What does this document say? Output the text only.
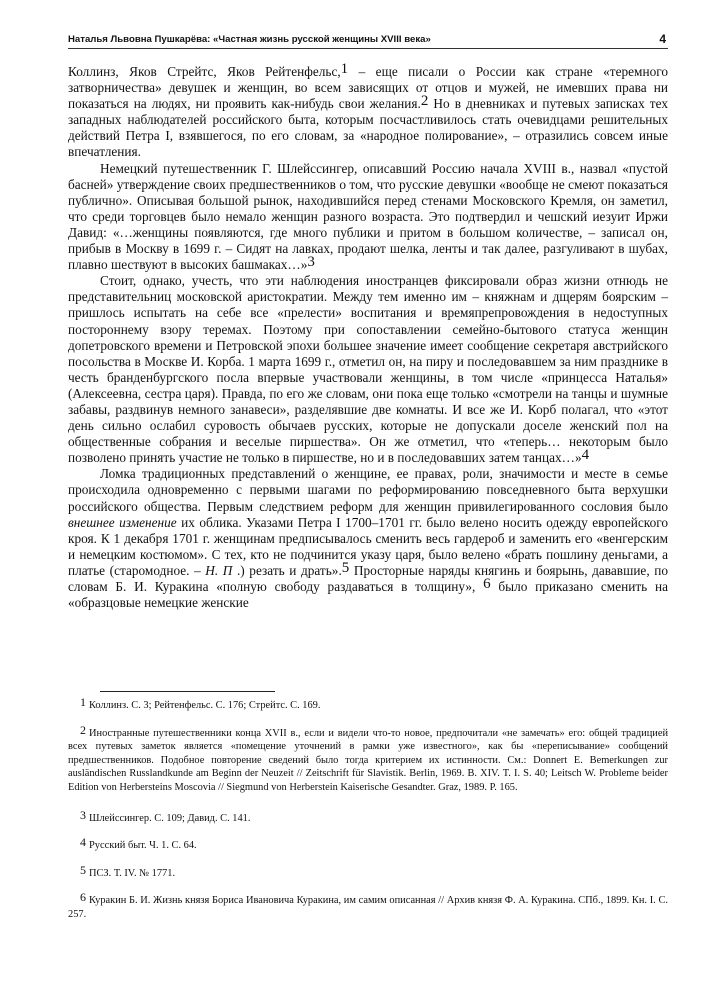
Наталья Львовна Пушкарёва: «Частная жизнь русской женщины XVIII века»	4

Коллинз, Яков Стрейтс, Яков Рейтенфельс,1 – еще писали о России как стране «теремного затворничества» девушек и женщин, во всем зависящих от отцов и мужей, не имевших права ни показаться на людях, ни проявить как-нибудь свои желания.2 Но в дневниках и путевых записках тех западных наблюдателей российского быта, которым посчастливилось стать очевидцами решительных действий Петра I, взявшегося, по его словам, за «народное полирование», – отразились совсем иные впечатления.

Немецкий путешественник Г. Шлейссингер, описавший Россию начала XVIII в., назвал «пустой басней» утверждение своих предшественников о том, что русские девушки «вообще не смеют показаться публично». Описывая большой рынок, находившийся перед стенами Московского Кремля, он заметил, что среди торговцев было немало женщин разного возраста. Это подтвердил и чешский иезуит Иржи Давид: «…женщины появляются, где много публики и притом в большом количестве, – записал он, прибыв в Москву в 1699 г. – Сидят на лавках, продают шелка, ленты и так далее, разгуливают в шубах, плавно шествуют в высоких башмаках…»3

Стоит, однако, учесть, что эти наблюдения иностранцев фиксировали образ жизни отнюдь не представительниц московской аристократии. Между тем именно им – княжнам и дщерям боярским – пришлось испытать на себе все «прелести» воспитания и времяпрепровождения в недоступных постороннему взору теремах. Поэтому при сопоставлении семейно-бытового статуса женщин допетровского времени и Петровской эпохи большее значение имеет сообщение секретаря австрийского посольства в Москве И. Корба. 1 марта 1699 г., отметил он, на пиру и последовавшем за ним празднике в честь бранденбургского посла впервые участвовали женщины, в том числе «принцесса Наталья» (Алексеевна, сестра царя). Правда, по его же словам, они пока еще только «смотрели на танцы и шумные забавы, раздвинув немного занавеси», разделявшие две комнаты. И все же И. Корб полагал, что «этот день сильно ослабил суровость обычаев русских, которые не допускали доселе женский пол на общественные собрания и веселые пиршества». Он же отметил, что «теперь… некоторым было позволено принять участие не только в пиршестве, но и в последовавших затем танцах…»4

Ломка традиционных представлений о женщине, ее правах, роли, значимости и месте в семье происходила одновременно с первыми шагами по реформированию повседневного быта верхушки российского общества. Первым следствием реформ для женщин привилегированного сословия было внешнее изменение их облика. Указами Петра I 1700–1701 гг. было велено носить одежду европейского кроя. К 1 декабря 1701 г. женщинам предписывалось сменить весь гардероб и заменить его «венгерским и немецким костюмом». С тех, кто не подчинится указу царя, было велено «брать пошлину деньгами, а платье (старомодное. – Н. П .) резать и драть».5 Просторные наряды княгинь и боярынь, дававшие, по словам Б. И. Куракина «полную свободу раздаваться в толщину», 6 было приказано сменить на «образцовые немецкие женские

1 Коллинз. С. 3; Рейтенфельс. С. 176; Стрейтс. С. 169.

2 Иностранные путешественники конца XVII в., если и видели что-то новое, предпочитали «не замечать» его: общей традицией всех путевых заметок является «помещение уточнений в рамки уже известного», как бы «переписывание» сообщений предшественников. Подобное повторение сведений было тогда критерием их истинности. См.: Donnert E. Bemerkungen zur ausländischen Russlandkunde am Beginn der Neuzeit // Zeitschrift für Slavistik. Berlin, 1969. B. XIV. T. I. S. 40; Leitsch W. Probleme beider Edition von Herbersteins Moscovia // Siegmund von Herberstein Kaiserische Gesandter. Graz, 1989. P. 165.

3 Шлейссингер. С. 109; Давид. С. 141.

4 Русский быт. Ч. 1. С. 64.

5 ПСЗ. Т. IV. № 1771.

6 Куракин Б. И. Жизнь князя Бориса Ивановича Куракина, им самим описанная // Архив князя Ф. А. Куракина. СПб., 1899. Кн. I. С. 257.
